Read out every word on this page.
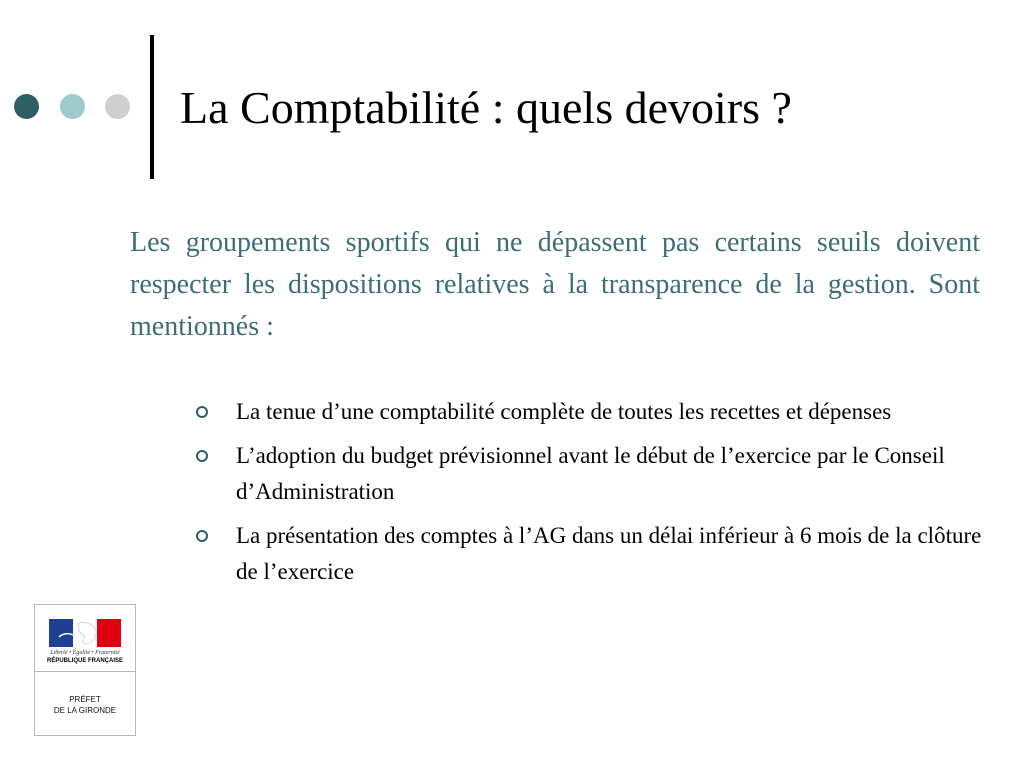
La Comptabilité : quels devoirs ?

Les groupements sportifs qui ne dépassent pas certains seuils doivent respecter les dispositions relatives à la transparence de la gestion. Sont mentionnés :

La tenue d’une comptabilité complète de toutes les recettes et dépenses
L’adoption du budget prévisionnel avant le début de l’exercice par le Conseil d’Administration
La présentation des comptes à l’AG dans un délai inférieur à 6 mois de la clôture de l’exercice
Liberté • Égalité • Fraternité
RÉPUBLIQUE FRANÇAISE
PRÉFET
DE LA GIRONDE
